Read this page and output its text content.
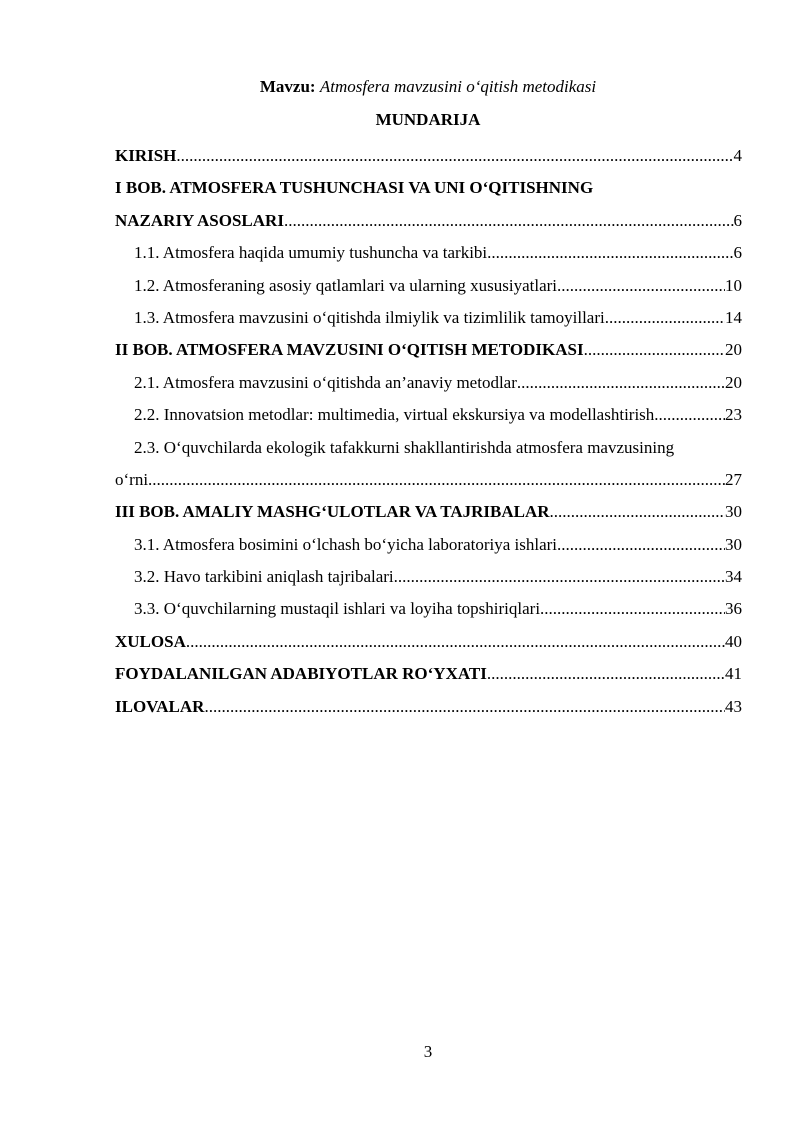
Mavzu: Atmosfera mavzusini o‘qitish metodikasi
MUNDARIJA
KIRISH .....	4
I BOB. ATMOSFERA TUSHUNCHASI VA UNI O‘QITISHNING
NAZARIY ASOSLARI .....	6
1.1. Atmosfera haqida umumiy tushuncha va tarkibi .....	6
1.2. Atmosferaning asosiy qatlamlari va ularning xususiyatlari .....	10
1.3. Atmosfera mavzusini o‘qitishda ilmiylik va tizimlilik tamoyillari .....	14
II BOB. ATMOSFERA MAVZUSINI O‘QITISH METODIKASI .....	20
2.1. Atmosfera mavzusini o‘qitishda an’anaviy metodlar .....	20
2.2. Innovatsion metodlar: multimedia, virtual ekskursiya va modellashtirish .....	23
2.3. O‘quvchilarda ekologik tafakkurni shakllantirishda atmosfera mavzusining
o‘rni .....	27
III BOB. AMALIY MASHG‘ULOTLAR VA TAJRIBALAR .....	30
3.1. Atmosfera bosimini o‘lchash bo‘yicha laboratoriya ishlari .....	30
3.2. Havo tarkibini aniqlash tajribalari .....	34
3.3. O‘quvchilarning mustaqil ishlari va loyiha topshiriqlari .....	36
XULOSA .....	40
FOYDALANILGAN ADABIYOTLAR RO‘YXATI .....	41
ILOVALAR .....	43
3
